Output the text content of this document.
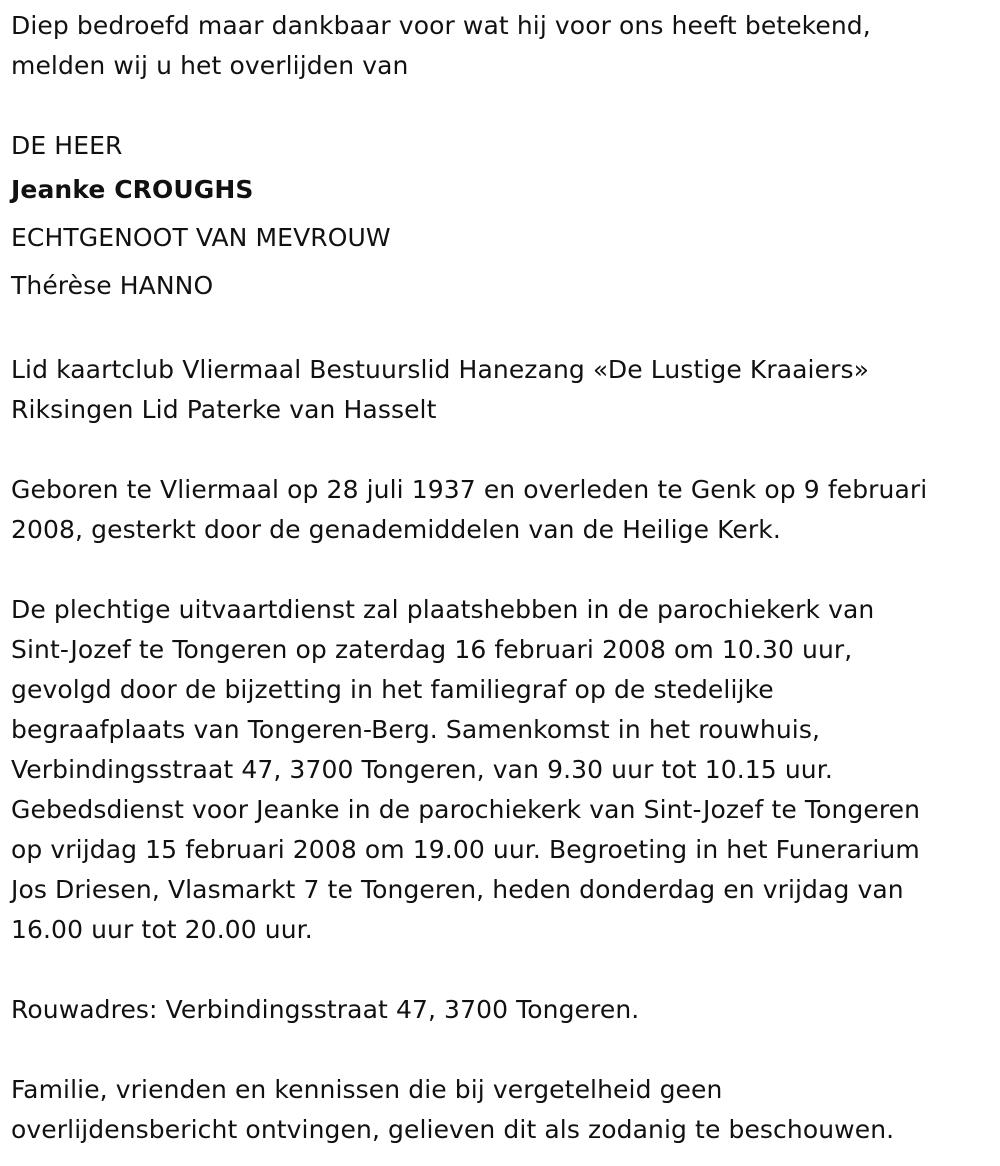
Diep bedroefd maar dankbaar voor wat hij voor ons heeft betekend,

melden wij u het overlijden van

DE HEER

Jeanke CROUGHS

ECHTGENOOT VAN MEVROUW

Thérèse HANNO

Lid kaartclub Vliermaal Bestuurslid Hanezang «De Lustige Kraaiers»

Riksingen Lid Paterke van Hasselt

Geboren te Vliermaal op 28 juli 1937 en overleden te Genk op 9 februari

2008, gesterkt door de genademiddelen van de Heilige Kerk.

De plechtige uitvaartdienst zal plaatshebben in de parochiekerk van

Sint-Jozef te Tongeren op zaterdag 16 februari 2008 om 10.30 uur,

gevolgd door de bijzetting in het familiegraf op de stedelijke

begraafplaats van Tongeren-Berg. Samenkomst in het rouwhuis,

Verbindingsstraat 47, 3700 Tongeren, van 9.30 uur tot 10.15 uur.

Gebedsdienst voor Jeanke in de parochiekerk van Sint-Jozef te Tongeren

op vrijdag 15 februari 2008 om 19.00 uur. Begroeting in het Funerarium

Jos Driesen, Vlasmarkt 7 te Tongeren, heden donderdag en vrijdag van

16.00 uur tot 20.00 uur.

Rouwadres: Verbindingsstraat 47, 3700 Tongeren.

Familie, vrienden en kennissen die bij vergetelheid geen

overlijdensbericht ontvingen, gelieven dit als zodanig te beschouwen.
